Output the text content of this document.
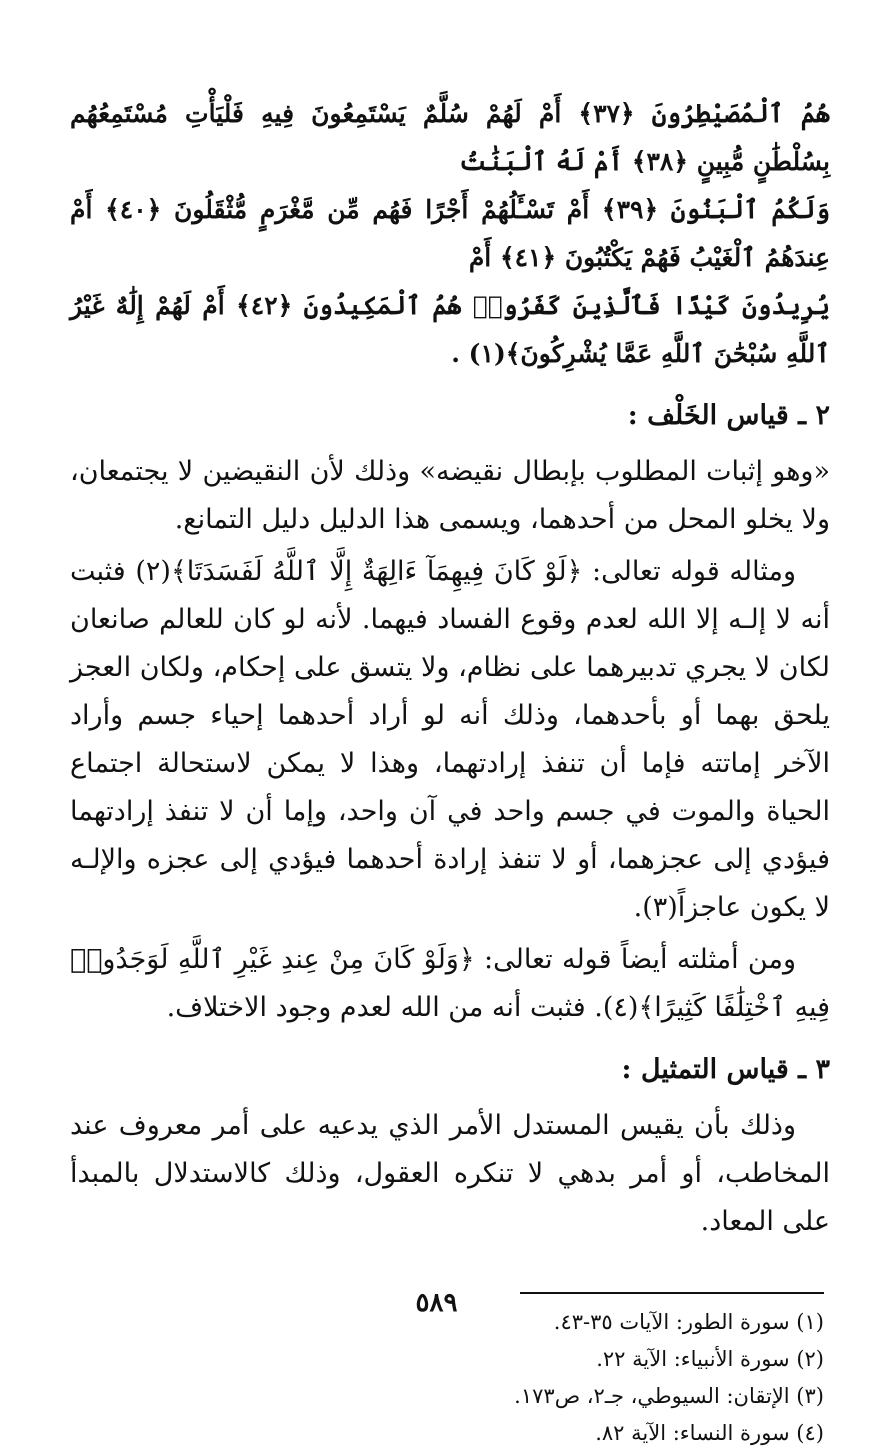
هُمُ ٱلْمُصَيْطِرُونَ ﴿٣٧﴾ أَمْ لَهُمْ سُلَّمٌ يَسْتَمِعُونَ فِيهِ فَلْيَأْتِ مُسْتَمِعُهُم بِسُلْطَٰنٍ مُّبِينٍ ﴿٣٨﴾ أَمْ لَهُ ٱلْبَنَٰتُ
وَلَكُمُ ٱلْبَنُونَ ﴿٣٩﴾ أَمْ تَسْـَٔلُهُمْ أَجْرًا فَهُم مِّن مَّغْرَمٍ مُّثْقَلُونَ ﴿٤٠﴾ أَمْ عِندَهُمُ ٱلْغَيْبُ فَهُمْ يَكْتُبُونَ ﴿٤١﴾ أَمْ
يُرِيدُونَ كَيْدًا فَٱلَّذِينَ كَفَرُوا۟ هُمُ ٱلْمَكِيدُونَ ﴿٤٢﴾ أَمْ لَهُمْ إِلَٰهٌ غَيْرُ ٱللَّهِ سُبْحَٰنَ ٱللَّهِ عَمَّا يُشْرِكُونَ﴾(١) .
٢ ـ قياس الخَلْف :

«وهو إثبات المطلوب بإبطال نقيضه» وذلك لأن النقيضين لا يجتمعان، ولا يخلو المحل من أحدهما، ويسمى هذا الدليل دليل التمانع.

ومثاله قوله تعالى: ﴿لَوْ كَانَ فِيهِمَآ ءَالِهَةٌ إِلَّا ٱللَّهُ لَفَسَدَتَا﴾(٢) فثبت أنه لا إلـه إلا الله لعدم وقوع الفساد فيهما. لأنه لو كان للعالم صانعان لكان لا يجري تدبيرهما على نظام، ولا يتسق على إحكام، ولكان العجز يلحق بهما أو بأحدهما، وذلك أنه لو أراد أحدهما إحياء جسم وأراد الآخر إماتته فإما أن تنفذ إرادتهما، وهذا لا يمكن لاستحالة اجتماع الحياة والموت في جسم واحد في آن واحد، وإما أن لا تنفذ إرادتهما فيؤدي إلى عجزهما، أو لا تنفذ إرادة أحدهما فيؤدي إلى عجزه والإلـه لا يكون عاجزاً(٣).

ومن أمثلته أيضاً قوله تعالى: ﴿وَلَوْ كَانَ مِنْ عِندِ غَيْرِ ٱللَّهِ لَوَجَدُوا۟ فِيهِ ٱخْتِلَٰفًا كَثِيرًا﴾(٤). فثبت أنه من الله لعدم وجود الاختلاف.

٣ ـ قياس التمثيل :

وذلك بأن يقيس المستدل الأمر الذي يدعيه على أمر معروف عند المخاطب، أو أمر بدهي لا تنكره العقول، وذلك كالاستدلال بالمبدأ على المعاد.

(١) سورة الطور: الآيات ٣٥-٤٣.
(٢) سورة الأنبياء: الآية ٢٢.
(٣) الإتقان: السيوطي، جـ٢، ص١٧٣.
(٤) سورة النساء: الآية ٨٢.
٥٨٩
